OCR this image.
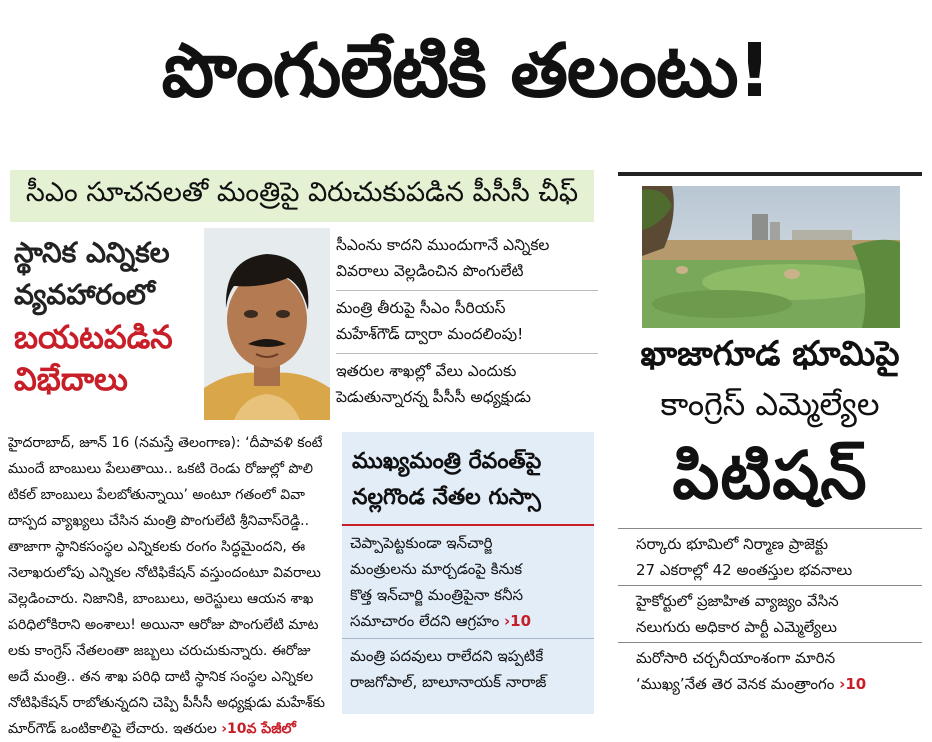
పొంగులేటికి తలంటు!
సీఎం సూచనలతో మంత్రిపై విరుచుకుపడిన పీసీసీ చీఫ్
స్థానిక ఎన్నికల
వ్యవహారంలో
బయటపడిన
విభేదాలు
సీఎంను కాదని ముందుగానే ఎన్నికల
వివరాలు వెల్లడించిన పొంగులేటి
మంత్రి తీరుపై సీఎం సీరియస్
మహేశ్‌గౌడ్‌ ద్వారా మందలింపు!
ఇతరుల శాఖల్లో వేలు ఎందుకు
పెడుతున్నారన్న పీసీసీ అధ్యక్షుడు
హైదరాబాద్‌, జూన్‌ 16 (నమస్తే తెలంగాణ): ‘దీపావళి కంటే
ముందే బాంబులు పేలుతాయి.. ఒకటి రెండు రోజుల్లో పొలి
టికల్‌ బాంబులు పేలబోతున్నాయి’ అంటూ గతంలో వివా
దాస్పద వ్యాఖ్యలు చేసిన మంత్రి పొంగులేటి శ్రీనివాస్‌రెడ్డి..
తాజాగా స్థానికసంస్థల ఎన్నికలకు రంగం సిద్ధమైందని, ఈ
నెలాఖరులోపు ఎన్నికల నోటిఫికేషన్‌ వస్తుందంటూ వివరాలు
వెల్లడించారు. నిజానికి, బాంబులు, అరెస్టులు ఆయన శాఖ
పరిధిలోకిరాని అంశాలు! అయినా ఆరోజు పొంగులేటి మాట
లకు కాంగ్రెస్‌ నేతలంతా జబ్బలు చరుచుకున్నారు. ఈరోజు
అదే మంత్రి.. తన శాఖ పరిధి దాటి స్థానిక సంస్థల ఎన్నికల
నోటిఫికేషన్‌ రాబోతున్నదని చెప్పి పీసీసీ అధ్యక్షుడు మహేశ్‌కు
మార్‌గౌడ్‌ ఒంటికాలిపై లేచారు. ఇతరుల ›10వ పేజీలో
ముఖ్యమంత్రి రేవంత్‌పై
నల్లగొండ నేతల గుస్సా
చెప్పాపెట్టకుండా ఇన్‌చార్జి
మంత్రులను మార్చడంపై కినుక
కొత్త ఇన్‌చార్జి మంత్రిపైనా కనీస
సమాచారం లేదని ఆగ్రహం ›10
మంత్రి పదవులు రాలేదని ఇప్పటికే
రాజగోపాల్‌, బాలూనాయక్‌ నారాజ్‌
ఖాజాగూడ భూమిపై
కాంగ్రెస్‌ ఎమ్మెల్యేల
పిటిషన్‌
సర్కారు భూమిలో నిర్మాణ ప్రాజెక్టు
27 ఎకరాల్లో 42 అంతస్తుల భవనాలు
హైకోర్టులో ప్రజాహిత వ్యాజ్యం వేసిన
నలుగురు అధికార పార్టీ ఎమ్మెల్యేలు
మరోసారి చర్చనీయాంశంగా మారిన
‘ముఖ్య’నేత తెర వెనక మంత్రాంగం ›10
